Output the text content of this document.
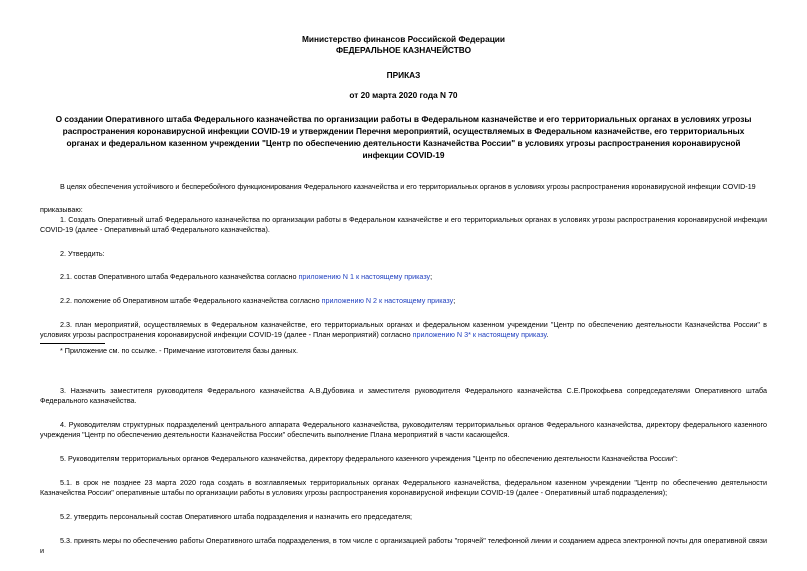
Министерство финансов Российской Федерации

ФЕДЕРАЛЬНОЕ КАЗНАЧЕЙСТВО

ПРИКАЗ

от 20 марта 2020 года N 70

О создании Оперативного штаба Федерального казначейства по организации работы в Федеральном казначействе и его территориальных органах в условиях угрозы распространения коронавирусной инфекции COVID-19 и утверждении Перечня мероприятий, осуществляемых в Федеральном казначействе, его территориальных органах и федеральном казенном учреждении "Центр по обеспечению деятельности Казначейства России" в условиях угрозы распространения коронавирусной инфекции COVID-19

В целях обеспечения устойчивого и бесперебойного функционирования Федерального казначейства и его территориальных органов в условиях угрозы распространения коронавирусной инфекции COVID-19

приказываю:

1. Создать Оперативный штаб Федерального казначейства по организации работы в Федеральном казначействе и его территориальных органах в условиях угрозы распространения коронавирусной инфекции COVID-19 (далее - Оперативный штаб Федерального казначейства).

2. Утвердить:

2.1. состав Оперативного штаба Федерального казначейства согласно приложению N 1 к настоящему приказу;

2.2. положение об Оперативном штабе Федерального казначейства согласно приложению N 2 к настоящему приказу;

2.3. план мероприятий, осуществляемых в Федеральном казначействе, его территориальных органах и федеральном казенном учреждении "Центр по обеспечению деятельности Казначейства России" в условиях угрозы распространения коронавирусной инфекции COVID-19 (далее - План мероприятий) согласно приложению N 3* к настоящему приказу.

* Приложение см. по ссылке. - Примечание изготовителя базы данных.

3. Назначить заместителя руководителя Федерального казначейства А.В.Дубовика и заместителя руководителя Федерального казначейства С.Е.Прокофьева сопредседателями Оперативного штаба Федерального казначейства.

4. Руководителям структурных подразделений центрального аппарата Федерального казначейства, руководителям территориальных органов Федерального казначейства, директору федерального казенного учреждения "Центр по обеспечению деятельности Казначейства России" обеспечить выполнение Плана мероприятий в части касающейся.

5. Руководителям территориальных органов Федерального казначейства, директору федерального казенного учреждения "Центр по обеспечению деятельности Казначейства России":

5.1. в срок не позднее 23 марта 2020 года создать в возглавляемых территориальных органах Федерального казначейства, федеральном казенном учреждении "Центр по обеспечению деятельности Казначейства России" оперативные штабы по организации работы в условиях угрозы распространения коронавирусной инфекции COVID-19 (далее - Оперативный штаб подразделения);

5.2. утвердить персональный состав Оперативного штаба подразделения и назначить его председателя;

5.3. принять меры по обеспечению работы Оперативного штаба подразделения, в том числе с организацией работы "горячей" телефонной линии и созданием адреса электронной почты для оперативной связи и
